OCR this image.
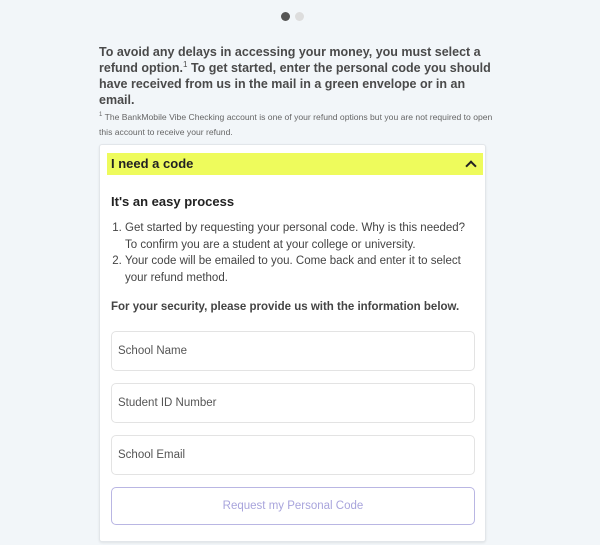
To avoid any delays in accessing your money, you must select a refund option.$^1$ To get started, enter the personal code you should have received from us in the mail in a green envelope or in an email.

$^1$ The BankMobile Vibe Checking account is one of your refund options but you are not required to open this account to receive your refund.

I need a code
It's an easy process
1. Get started by requesting your personal code. Why is this needed? To confirm you are a student at your college or university.
2. Your code will be emailed to you. Come back and enter it to select your refund method.
For your security, please provide us with the information below.
School Name
Student ID Number
School Email
Request my Personal Code
